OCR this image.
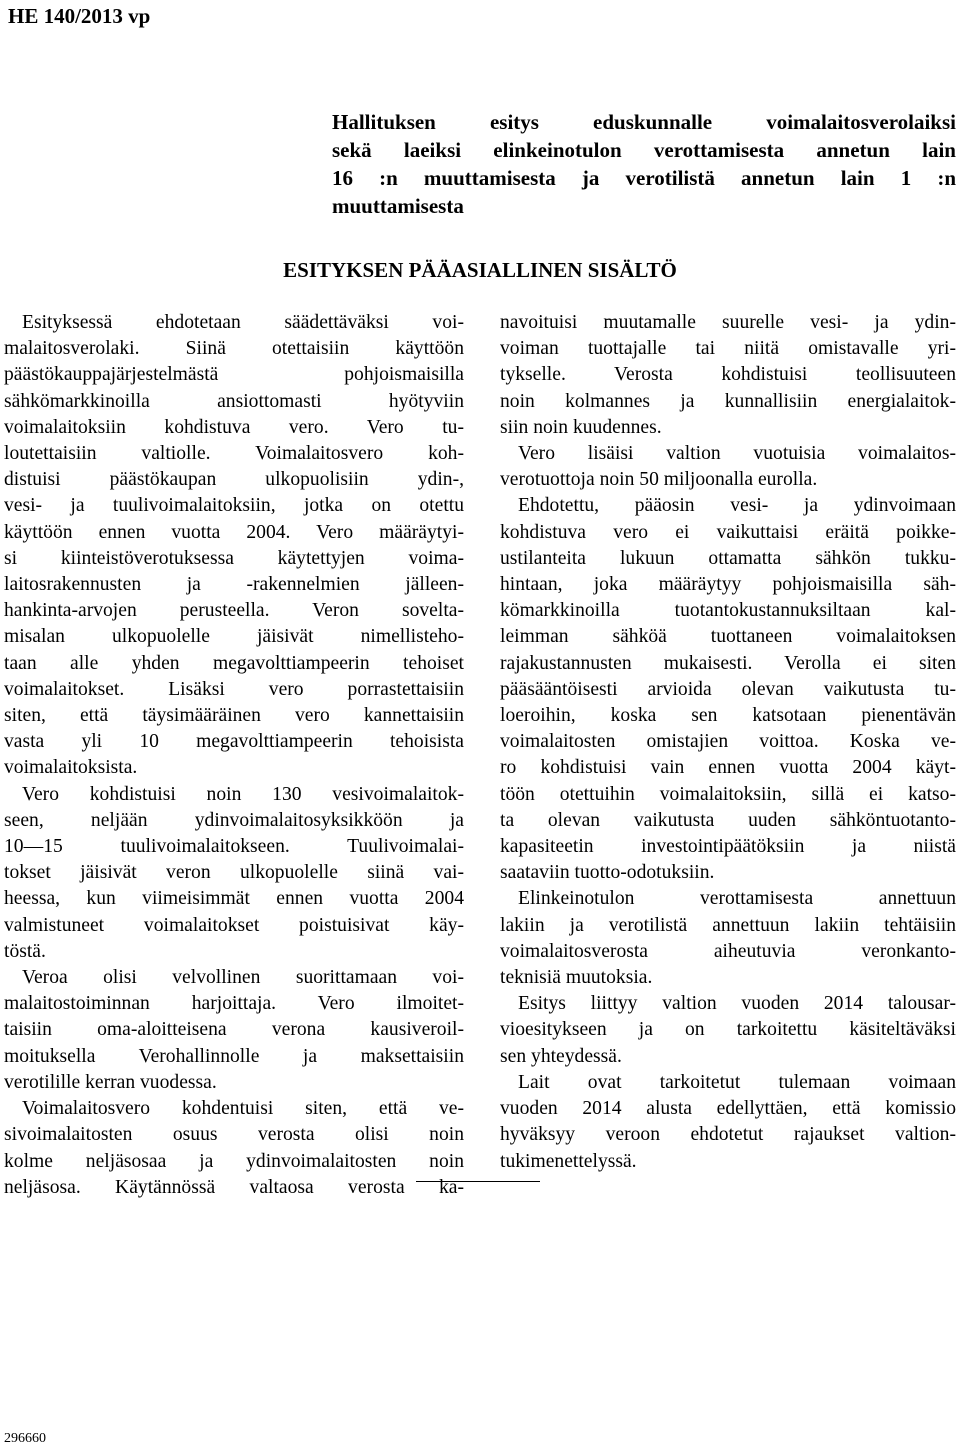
HE 140/2013 vp
Hallituksen esitys eduskunnalle voimalaitosverolaiksi
sekä laeiksi elinkeinotulon verottamisesta annetun lain
16 :n muuttamisesta ja verotilistä annetun lain 1 :n
muuttamisesta
ESITYKSEN PÄÄASIALLINEN SISÄLTÖ
Esityksessä ehdotetaan säädettäväksi voi-
malaitosverolaki. Siinä otettaisiin käyttöön
päästökauppajärjestelmästä pohjoismaisilla
sähkömarkkinoilla ansiottomasti hyötyviin
voimalaitoksiin kohdistuva vero. Vero tu-
loutettaisiin valtiolle. Voimalaitosvero koh-
distuisi päästökaupan ulkopuolisiin ydin-,
vesi- ja tuulivoimalaitoksiin, jotka on otettu
käyttöön ennen vuotta 2004. Vero määräytyi-
si kiinteistöverotuksessa käytettyjen voima-
laitosrakennusten ja -rakennelmien jälleen-
hankinta-arvojen perusteella. Veron soveltа-
misalan ulkopuolelle jäisivät nimellisteho-
taan alle yhden megavolttiampeerin tehoiset
voimalaitokset. Lisäksi vero porrastettaisiin
siten, että täysimääräinen vero kannettaisiin
vasta yli 10 megavolttiampeerin tehoisista
voimalaitoksista.
Vero kohdistuisi noin 130 vesivoimalaitok-
seen, neljään ydinvoimalaitosyksikköön ja
10—15 tuulivoimalaitokseen. Tuulivoimalai-
tokset jäisivät veron ulkopuolelle siinä vai-
heessa, kun viimeisimmät ennen vuotta 2004
valmistuneet voimalaitokset poistuisivat käy-
töstä.
Veroa olisi velvollinen suorittamaan voi-
malaitostoiminnan harjoittaja. Vero ilmoitet-
taisiin oma-aloitteisena verona kausiveroil-
moituksella Verohallinnolle ja maksettaisiin
verotilille kerran vuodessa.
Voimalaitosvero kohdentuisi siten, että ve-
sivoimalaitosten osuus verosta olisi noin
kolme neljäsosaa ja ydinvoimalaitosten noin
neljäsosa. Käytännössä valtaosa verosta ka-
navoituisi muutamalle suurelle vesi- ja ydin-
voiman tuottajalle tai niitä omistavalle yri-
tykselle. Verosta kohdistuisi teollisuuteen
noin kolmannes ja kunnallisiin energialaitok-
siin noin kuudennes.
Vero lisäisi valtion vuotuisia voimalaitos-
verotuottoja noin 50 miljoonalla eurolla.
Ehdotettu, pääosin vesi- ja ydinvoimaan
kohdistuva vero ei vaikuttaisi eräitä poikke-
ustilanteita lukuun ottamatta sähkön tukku-
hintaan, joka määräytyy pohjoismaisilla säh-
kömarkkinoilla tuotantokustannuksiltaan kal-
leimman sähköä tuottaneen voimalaitoksen
rajakustannusten mukaisesti. Verolla ei siten
pääsääntöisesti arvioida olevan vaikutusta tu-
loeroihin, koska sen katsotaan pienentävän
voimalaitosten omistajien voittoa. Koska ve-
ro kohdistuisi vain ennen vuotta 2004 käyt-
töön otettuihin voimalaitoksiin, sillä ei katso-
ta olevan vaikutusta uuden sähköntuotanto-
kapasiteetin investointipäätöksiin ja niistä
saataviin tuotto-odotuksiin.
Elinkeinotulon verottamisesta annettuun
lakiin ja verotilistä annettuun lakiin tehtäisiin
voimalaitosverosta aiheutuvia veronkanto-
teknisiä muutoksia.
Esitys liittyy valtion vuoden 2014 talousar-
vioesitykseen ja on tarkoitettu käsiteltäväksi
sen yhteydessä.
Lait ovat tarkoitetut tulemaan voimaan
vuoden 2014 alusta edellyttäen, että komissio
hyväksyy veroon ehdotetut rajaukset valtion-
tukimenettelyssä.
296660
